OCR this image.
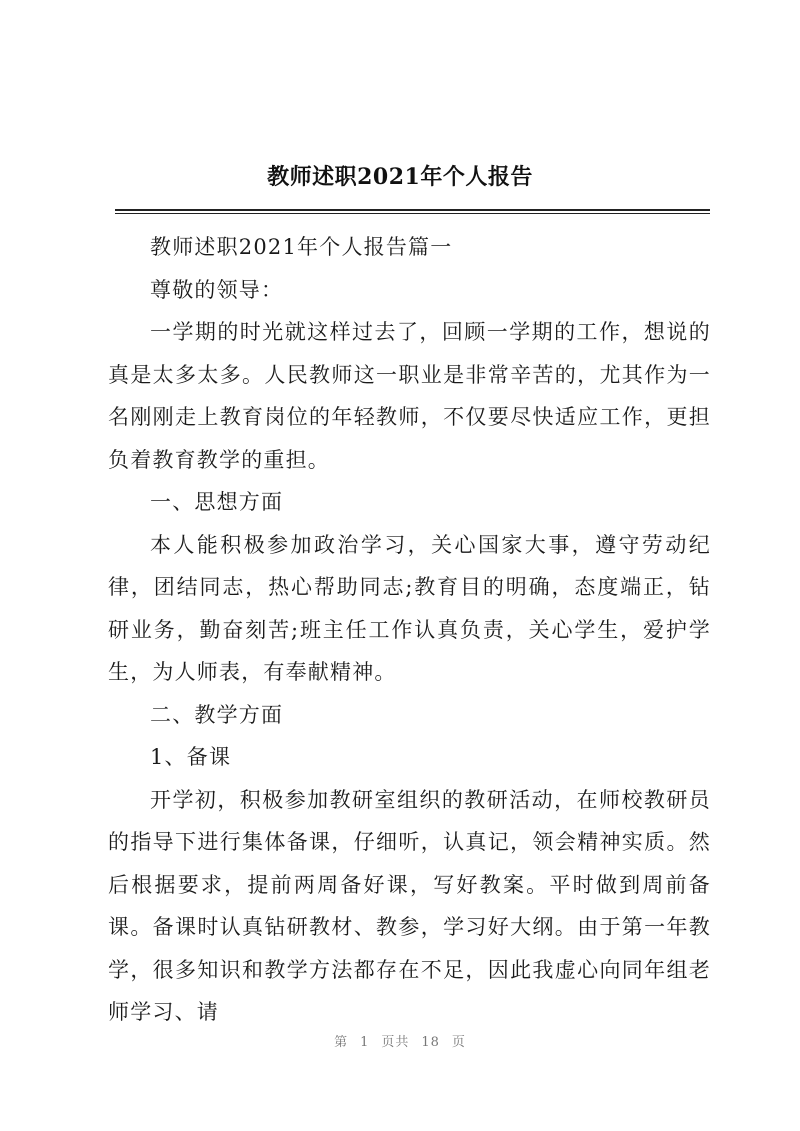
教师述职2021年个人报告

教师述职2021年个人报告篇一

尊敬的领导：

一学期的时光就这样过去了，回顾一学期的工作，想说的真是太多太多。人民教师这一职业是非常辛苦的，尤其作为一名刚刚走上教育岗位的年轻教师，不仅要尽快适应工作，更担负着教育教学的重担。

一、思想方面

本人能积极参加政治学习，关心国家大事，遵守劳动纪律，团结同志，热心帮助同志;教育目的明确，态度端正，钻研业务，勤奋刻苦;班主任工作认真负责，关心学生，爱护学生，为人师表，有奉献精神。

二、教学方面

1、备课

开学初，积极参加教研室组织的教研活动，在师校教研员的指导下进行集体备课，仔细听，认真记，领会精神实质。然后根据要求，提前两周备好课，写好教案。平时做到周前备课。备课时认真钻研教材、教参，学习好大纲。由于第一年教学，很多知识和教学方法都存在不足，因此我虚心向同年组老师学习、请

第 1 页共 18 页
